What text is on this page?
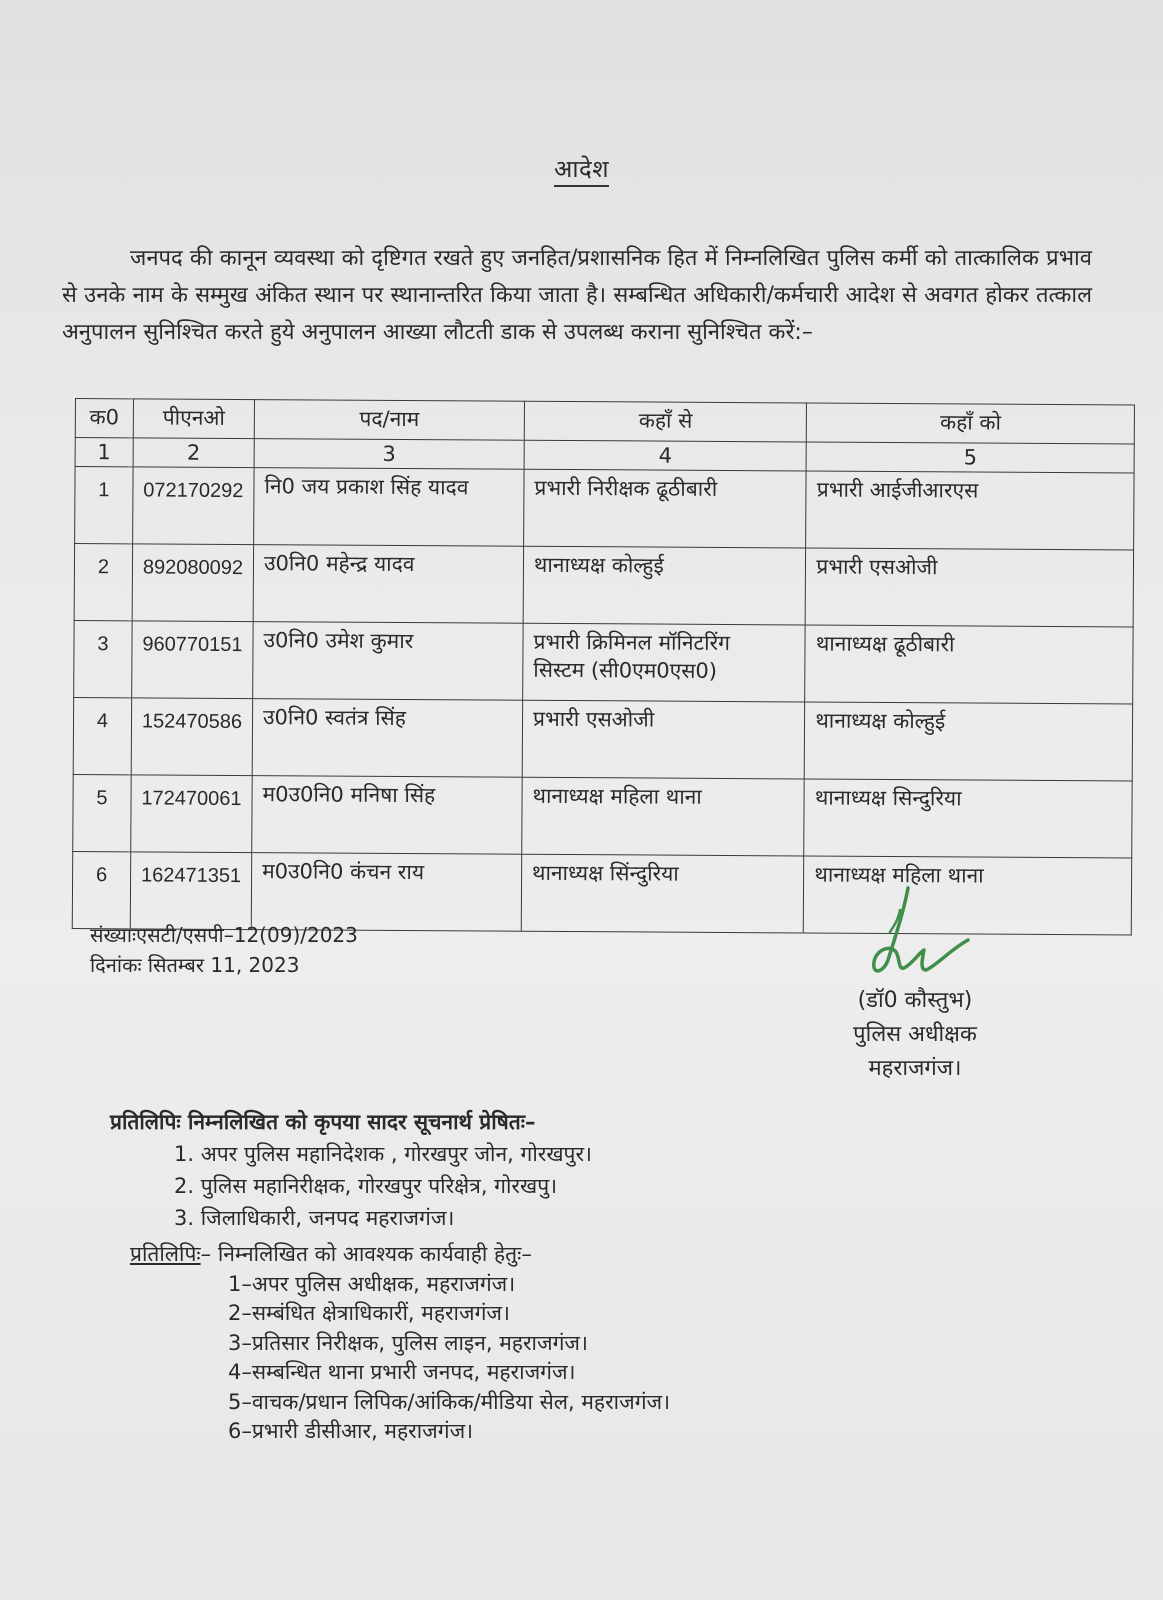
आदेश

जनपद की कानून व्यवस्था को दृष्टिगत रखते हुए जनहित/प्रशासनिक हित में निम्नलिखित पुलिस कर्मी को तात्कालिक प्रभाव से उनके नाम के सम्मुख अंकित स्थान पर स्थानान्तरित किया जाता है। सम्बन्धित अधिकारी/कर्मचारी आदेश से अवगत होकर तत्काल अनुपालन सुनिश्चित करते हुये अनुपालन आख्या लौटती डाक से उपलब्ध कराना सुनिश्चित करें:–

क0	पीएनओ	पद/नाम	कहाँ से	कहाँ को
1	2	3	4	5
1	072170292	नि0 जय प्रकाश सिंह यादव	प्रभारी निरीक्षक ढूठीबारी	प्रभारी आईजीआरएस
2	892080092	उ0नि0 महेन्द्र यादव	थानाध्यक्ष कोल्हुई	प्रभारी एसओजी
3	960770151	उ0नि0 उमेश कुमार	प्रभारी क्रिमिनल मॉनिटरिंग
सिस्टम (सी0एम0एस0)	थानाध्यक्ष ढूठीबारी
4	152470586	उ0नि0 स्वतंत्र सिंह	प्रभारी एसओजी	थानाध्यक्ष कोल्हुई
5	172470061	म0उ0नि0 मनिषा सिंह	थानाध्यक्ष महिला थाना	थानाध्यक्ष सिन्दुरिया
6	162471351	म0उ0नि0 कंचन राय	थानाध्यक्ष सिंन्दुरिया	थानाध्यक्ष महिला थाना
संख्याःएसटी/एसपी–12(09)/2023
दिनांकः सितम्बर 11, 2023
(डॉ0 कौस्तुभ)
पुलिस अधीक्षक
महराजगंज।
प्रतिलिपिः निम्नलिखित को कृपया सादर सूचनार्थ प्रेषितः–
1. अपर पुलिस महानिदेशक , गोरखपुर जोन, गोरखपुर।
2. पुलिस महानिरीक्षक, गोरखपुर परिक्षेत्र, गोरखपु।
3. जिलाधिकारी, जनपद महराजगंज।
प्रतिलिपिः– निम्नलिखित को आवश्यक कार्यवाही हेतुः–
1–अपर पुलिस अधीक्षक, महराजगंज।
2–सम्बंधित क्षेत्राधिकारीं, महराजगंज।
3–प्रतिसार निरीक्षक, पुलिस लाइन, महराजगंज।
4–सम्बन्धित थाना प्रभारी जनपद, महराजगंज।
5–वाचक/प्रधान लिपिक/आंकिक/मीडिया सेल, महराजगंज।
6–प्रभारी डीसीआर, महराजगंज।
